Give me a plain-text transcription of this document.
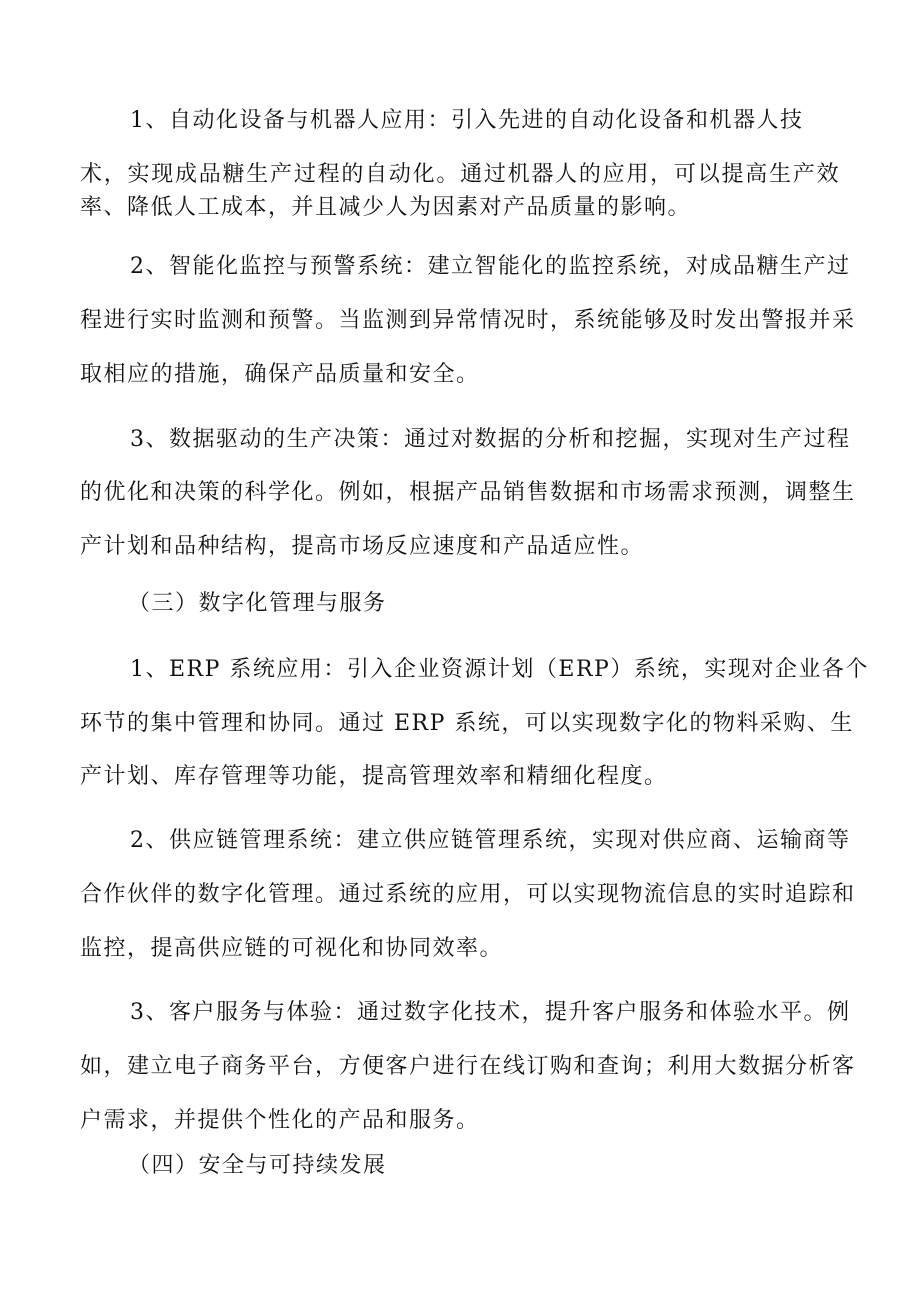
1、自动化设备与机器人应用：引入先进的自动化设备和机器人技
术，实现成品糖生产过程的自动化。通过机器人的应用，可以提高生产效
率、降低人工成本，并且减少人为因素对产品质量的影响。
2、智能化监控与预警系统：建立智能化的监控系统，对成品糖生产过
程进行实时监测和预警。当监测到异常情况时，系统能够及时发出警报并采
取相应的措施，确保产品质量和安全。
3、数据驱动的生产决策：通过对数据的分析和挖掘，实现对生产过程
的优化和决策的科学化。例如，根据产品销售数据和市场需求预测，调整生
产计划和品种结构，提高市场反应速度和产品适应性。
（三）数字化管理与服务
1、ERP 系统应用：引入企业资源计划（ERP）系统，实现对企业各个
环节的集中管理和协同。通过 ERP 系统，可以实现数字化的物料采购、生
产计划、库存管理等功能，提高管理效率和精细化程度。
2、供应链管理系统：建立供应链管理系统，实现对供应商、运输商等
合作伙伴的数字化管理。通过系统的应用，可以实现物流信息的实时追踪和
监控，提高供应链的可视化和协同效率。
3、客户服务与体验：通过数字化技术，提升客户服务和体验水平。例
如，建立电子商务平台，方便客户进行在线订购和查询；利用大数据分析客
户需求，并提供个性化的产品和服务。
（四）安全与可持续发展
